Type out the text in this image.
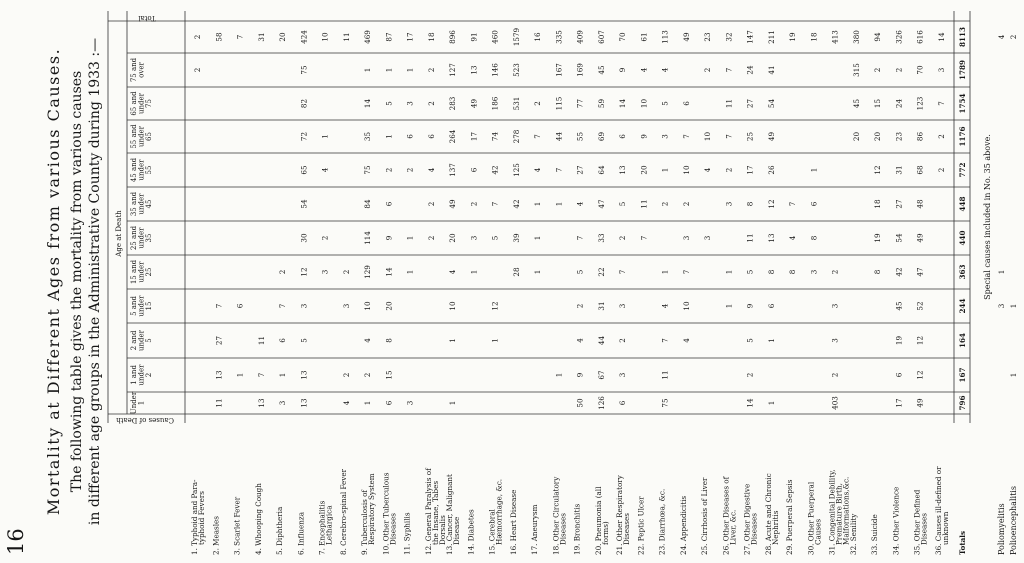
16
Mortality at Different Ages from various Causes. The following table gives the mortality from various causes in different age groups in the Administrative County during 1933 :— Causes of Death
Age at Death
Total
Under 1
1 and under 2
2 and under 5
5 and under 15
15 and under 25
25 and under 35
35 and under 45
45 and under 55
55 and under 65
65 and under 75
75 and over
1. Typhoid and Para-
typhoid Fevers
2
2
2. Measles
11
13
27
7
58
3. Scarlet Fever
1
6
7
4. Whooping Cough
13
7
11
31
5. Diphtheria
3
1
6
7
2
20
6. Influenza
13
13
5
3
12
30
54
65
72
82
75
424
7. Encephalitis
Lethargica
3
2
4
1
10
8. Cerebro-spinal Fever
4
2
3
2
11
9. Tuberculosis of
Respiratory System
1
2
4
10
129
114
84
75
35
14
1
469
10. Other Tuberculous
Diseases
6
15
8
20
14
9
6
2
1
5
1
87
11. Syphilis
3
1
1
2
6
3
1
17
12. General Paralysis of
the Insane, Tabes
Dorsalis
2
2
4
6
2
2
18
13. Cancer, Malignant
Disease
1
1
10
4
20
49
137
264
283
127
896
14. Diabetes
1
3
2
6
17
49
13
91
15. Cerebral
Hæmorrhage, &c.
1
12
5
7
42
74
186
146
460
16. Heart Disease
28
39
42
125
278
531
523
1579
17. Aneurysm
1
1
1
4
7
2
16
18. Other Circulatory
Diseases
1
1
7
44
115
167
335
19. Bronchitis
50
9
4
2
5
7
4
27
55
77
169
409
20. Pneumonia (all
forms)
126
67
44
31
22
33
47
64
69
59
45
607
21. Other Respiratory
Diseases
6
3
2
3
7
2
5
13
6
14
9
70
22. Peptic Ulcer
7
11
20
9
10
4
61
23. Diarrhœa, &c.
75
11
7
4
1
2
1
3
5
4
113
24. Appendicitis
4
10
7
3
2
10
7
6
49
25. Cirrhosis of Liver
3
4
10
2
23
26. Other Diseases of
Liver, &c.
1
1
3
2
7
11
7
32
27. Other Digestive
Diseases
14
2
5
9
5
11
8
17
25
27
24
147
28. Acute and Chronic
Nephritis
1
1
6
8
13
12
26
49
54
41
211
29. Puerperal Sepsis
8
4
7
19
30. Other Puerperal
Causes
3
8
6
1
18
31. Congenital Debility,
Premature Birth,
Malformations,&c.
403
2
3
3
2
413
32. Senility
20
45
315
380
33. Suicide
8
19
18
12
20
15
2
94
34. Other Violence
17
6
19
45
42
54
27
31
23
24
2
326
35. Other Defined
Diseases
49
12
12
52
47
49
48
68
86
123
70
616
36. Causes ill-defined or
unknown
2
2
7
3
14
Totals
796
167
164
244
363
440
448
772
1176
1754
1789
8113
Special causes included in No. 35 above.
Poliomyelitis
3
1
4
Polioencephalitis
1
1
2
